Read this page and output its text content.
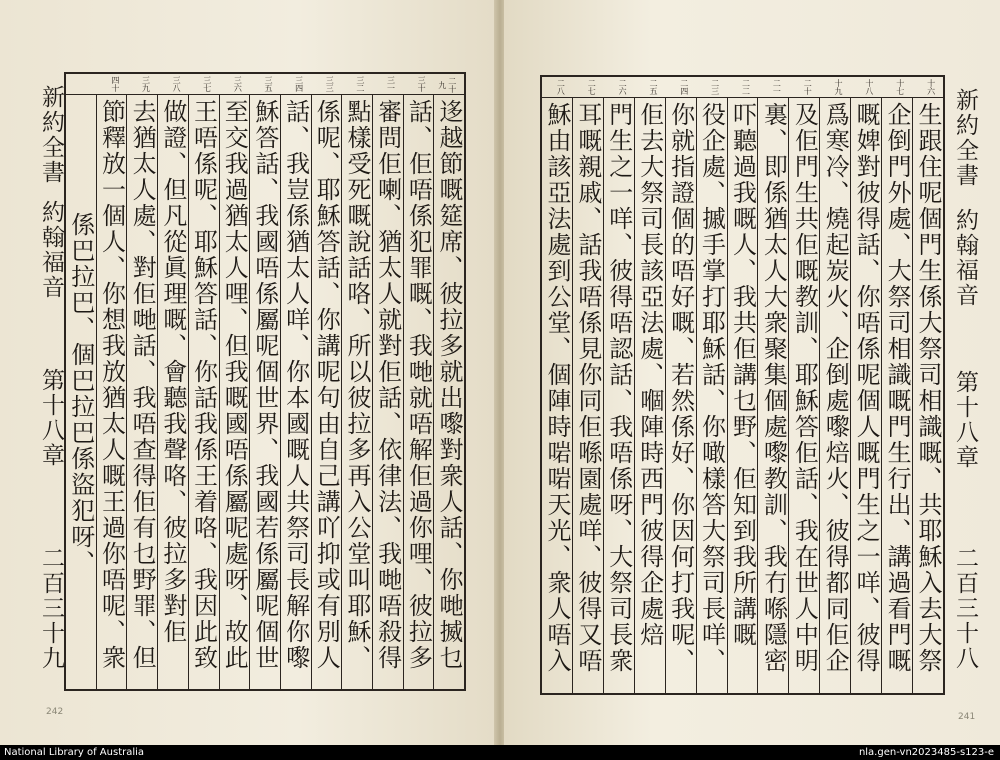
二十九
三十
三一
三二
三三
三四
三五
三六
三七
三八
三九
四十
迻越節嘅筵席、彼拉多就出嚟對衆人話、你哋揻乜
話、佢唔係犯罪嘅、我哋就唔解佢過你哩、彼拉多
審問佢喇、猶太人就對佢話、依律法、我哋唔殺得
點樣受死嘅說話咯、所以彼拉多再入公堂叫耶穌、
係呢、耶穌答話、你講呢句由自己講吖抑或有別人
話、我豈係猶太人咩、你本國嘅人共祭司長解你嚟
穌答話、我國唔係屬呢個世界、我國若係屬呢個世
至交我過猶太人哩、但我嘅國唔係屬呢處呀、故此
王唔係呢、耶穌答話、你話我係王着咯、我因此致
做證、但凡從眞理嘅、會聽我聲咯、彼拉多對佢
去猶太人處、對佢哋話、我唔查得佢有乜野罪、但
節釋放一個人、你想我放猶太人嘅王過你唔呢、衆
係巴拉巴、個巴拉巴係盜犯呀、
新約全書
約翰福音
第十八章
二百三十九
242
十六
十七
十八
十九
二十
二一
二二
二三
二四
二五
二六
二七
二八
生跟住呢個門生係大祭司相識嘅、共耶穌入去大祭
企倒門外處、大祭司相識嘅門生行出、講過看門嘅
嘅婢對彼得話、你唔係呢個人嘅門生之一咩、彼得
爲寒冷、燒起炭火、企倒處嚟焙火、彼得都同佢企
及佢門生共佢嘅教訓、耶穌答佢話、我在世人中明
裏、即係猶太人大衆聚集個處嚟教訓、我冇喺隱密
吓聽過我嘅人、我共佢講乜野、佢知到我所講嘅
役企處、摵手掌打耶穌話、你噉樣答大祭司長咩、
你就指證個的唔好嘅、若然係好、你因何打我呢、
佢去大祭司長該亞法處、嗰陣時西門彼得企處焙
門生之一咩、彼得唔認話、我唔係呀、大祭司長衆
耳嘅親戚、話我唔係見你同佢喺園處咩、彼得又唔
穌由該亞法處到公堂、個陣時啱啱天光、衆人唔入
新約全書
約翰福音
第十八章
二百三十八
241
National Library of Australia	nla.gen-vn2023485-s123-e
